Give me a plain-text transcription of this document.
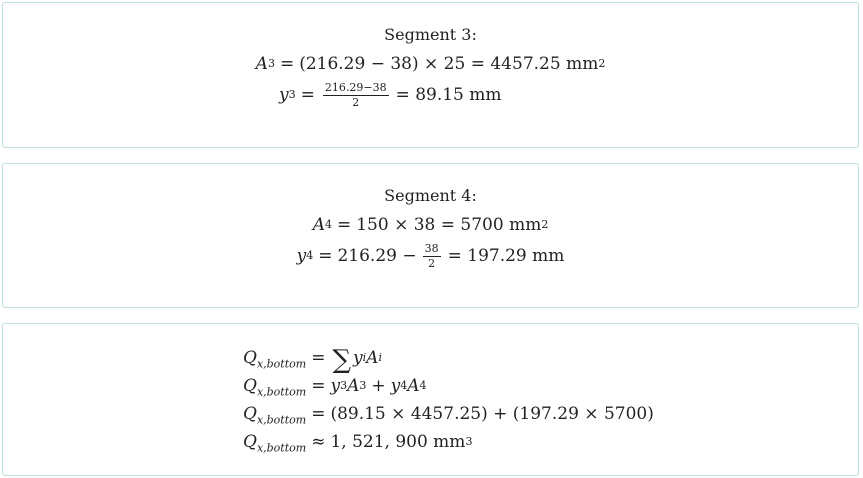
Segment 3:
A 3 = (216.29 − 38) × 25 = 4457.25 mm 2
y $3 = \frac{216.29-38}{2} = 89.15$ mm
Segment 4:
A 4 = 150 × 38 = 5700 mm 2
y $4 = 216.29 - \frac{38}{2} = 197.29$ mm
$Q_{x,bottom}$ = ∑ y i A i
$Q_{x,bottom} = y$ 3 A 3 + y 4 A 4
$Q_{x,bottom} = (89.15 \times 4457.25) + (197.29 \times 5700)$
$Q_{x,bottom} \approx 1$, 521, 900 mm 3
